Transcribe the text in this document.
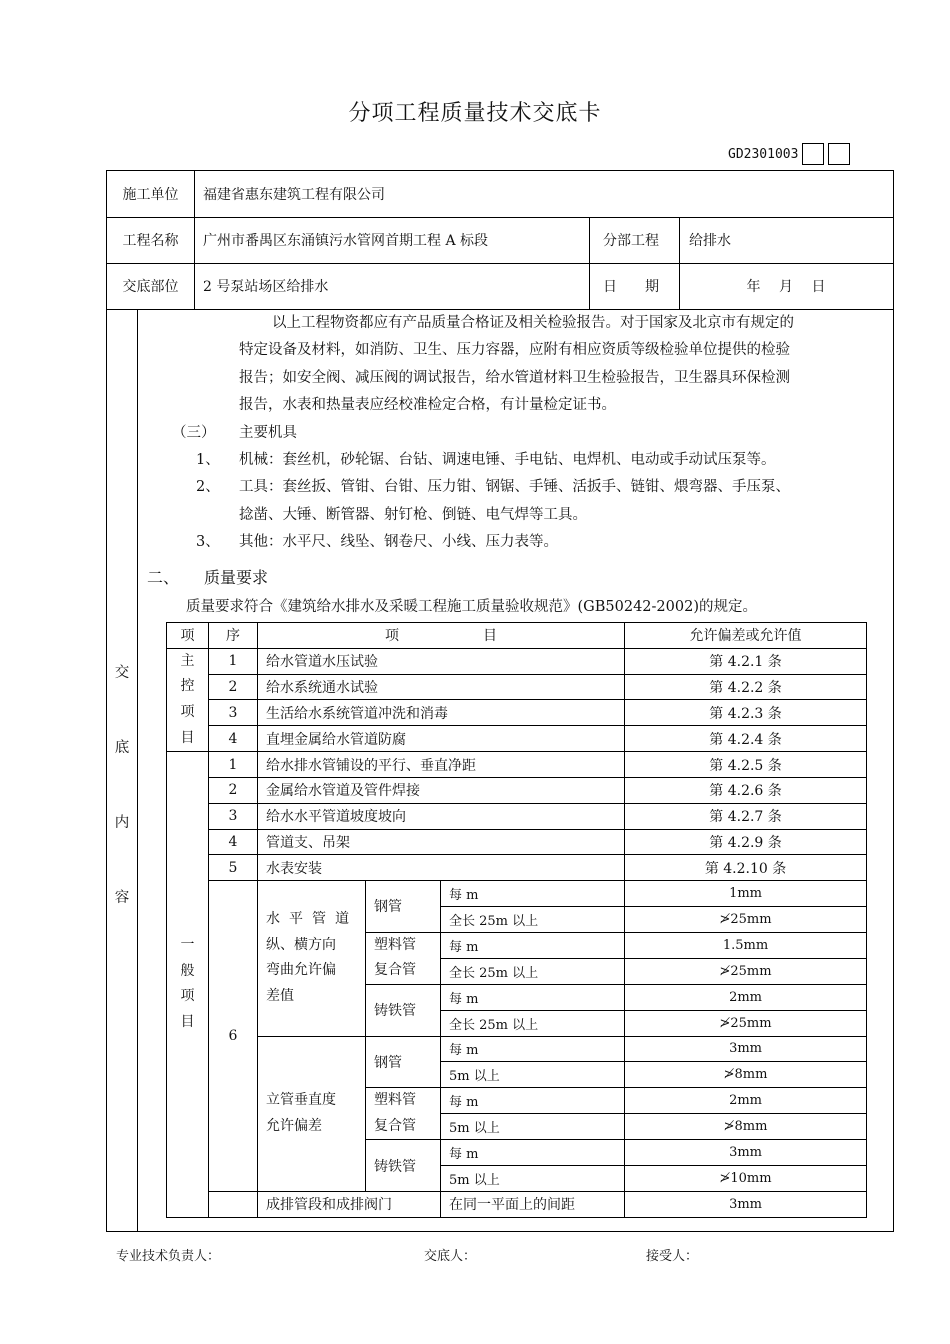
分项工程质量技术交底卡
GD2301003
施工单位	福建省惠东建筑工程有限公司
工程名称	广州市番禺区东涌镇污水管网首期工程 A 标段	分部工程 给排水
交底部位	2 号泵站场区给排水	日　　期	年　 月　 日
交
底
内
容
以上工程物资都应有产品质量合格证及相关检验报告。对于国家及北京市有规定的
特定设备及材料，如消防、卫生、压力容器，应附有相应资质等级检验单位提供的检验
报告；如安全阀、减压阀的调试报告，给水管道材料卫生检验报告，卫生器具环保检测
报告，水表和热量表应经校准检定合格，有计量检定证书。
（三） 主要机具
1、 机械：套丝机，砂轮锯、台钻、调速电锤、手电钻、电焊机、电动或手动试压泵等。
2、 工具：套丝扳、管钳、台钳、压力钳、钢锯、手锤、活扳手、链钳、煨弯器、手压泵、
捻凿、大锤、断管器、射钉枪、倒链、电气焊等工具。
3、 其他：水平尺、线坠、钢卷尺、小线、压力表等。
二、 质量要求
质量要求符合《建筑给水排水及采暖工程施工质量验收规范》(GB50242-2002)的规定。
项	序	项　　　　　　目			允许偏差或允许值
主
控
项
目	1	给水管道水压试验			第 4.2.1 条
	2	给水系统通水试验			第 4.2.2 条
	3	生活给水系统管道冲洗和消毒			第 4.2.3 条
	4	直埋金属给水管道防腐			第 4.2.4 条
一
般
项
目	1	给水排水管铺设的平行、垂直净距			第 4.2.5 条
	2	金属给水管道及管件焊接			第 4.2.6 条
	3	给水水平管道坡度坡向			第 4.2.7 条
	4	管道支、吊架			第 4.2.9 条
	5	水表安装			第 4.2.10 条
	6	水平管道
纵、横方向
弯曲允许偏
差值	钢管	每 m	1mm
				全长 25m 以上	≯25mm
			塑料管
复合管	每 m	1.5mm
				全长 25m 以上	≯25mm
			铸铁管	每 m	2mm
				全长 25m 以上	≯25mm
		立管垂直度
允许偏差	钢管	每 m	3mm
				5m 以上	≯8mm
			塑料管
复合管	每 m	2mm
				5m 以上	≯8mm
			铸铁管	每 m	3mm
				5m 以上	≯10mm
		成排管段和成排阀门		在同一平面上的间距	3mm
专业技术负责人：	交底人：	接受人：
